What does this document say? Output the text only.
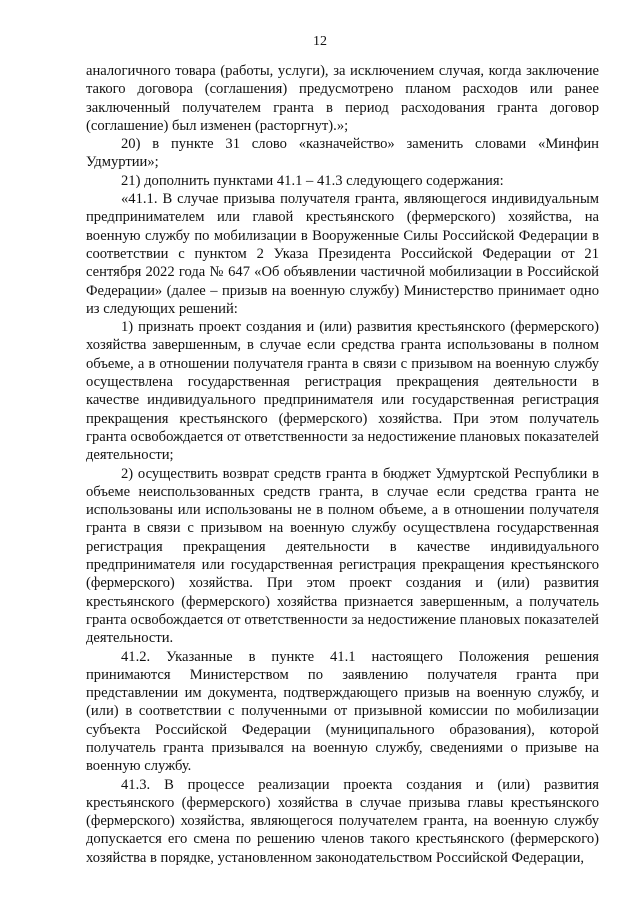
12

аналогичного товара (работы, услуги), за исключением случая, когда заключение такого договора (соглашения) предусмотрено планом расходов или ранее заключенный получателем гранта в период расходования гранта договор (соглашение) был изменен (расторгнут).»;

20) в пункте 31 слово «казначейство» заменить словами «Минфин Удмуртии»;

21) дополнить пунктами 41.1 – 41.3 следующего содержания:

«41.1. В случае призыва получателя гранта, являющегося индивидуальным предпринимателем или главой крестьянского (фермерского) хозяйства, на военную службу по мобилизации в Вооруженные Силы Российской Федерации в соответствии с пунктом 2 Указа Президента Российской Федерации от 21 сентября 2022 года № 647 «Об объявлении частичной мобилизации в Российской Федерации» (далее – призыв на военную службу) Министерство принимает одно из следующих решений:

1) признать проект создания и (или) развития крестьянского (фермерского) хозяйства завершенным, в случае если средства гранта использованы в полном объеме, а в отношении получателя гранта в связи с призывом на военную службу осуществлена государственная регистрация прекращения деятельности в качестве индивидуального предпринимателя или государственная регистрация прекращения крестьянского (фермерского) хозяйства. При этом получатель гранта освобождается от ответственности за недостижение плановых показателей деятельности;

2) осуществить возврат средств гранта в бюджет Удмуртской Республики в объеме неиспользованных средств гранта, в случае если средства гранта не использованы или использованы не в полном объеме, а в отношении получателя гранта в связи с призывом на военную службу осуществлена государственная регистрация прекращения деятельности в качестве индивидуального предпринимателя или государственная регистрация прекращения крестьянского (фермерского) хозяйства. При этом проект создания и (или) развития крестьянского (фермерского) хозяйства признается завершенным, а получатель гранта освобождается от ответственности за недостижение плановых показателей деятельности.

41.2. Указанные в пункте 41.1 настоящего Положения решения принимаются Министерством по заявлению получателя гранта при представлении им документа, подтверждающего призыв на военную службу, и (или) в соответствии с полученными от призывной комиссии по мобилизации субъекта Российской Федерации (муниципального образования), которой получатель гранта призывался на военную службу, сведениями о призыве на военную службу.

41.3. В процессе реализации проекта создания и (или) развития крестьянского (фермерского) хозяйства в случае призыва главы крестьянского (фермерского) хозяйства, являющегося получателем гранта, на военную службу допускается его смена по решению членов такого крестьянского (фермерского) хозяйства в порядке, установленном законодательством Российской Федерации,
